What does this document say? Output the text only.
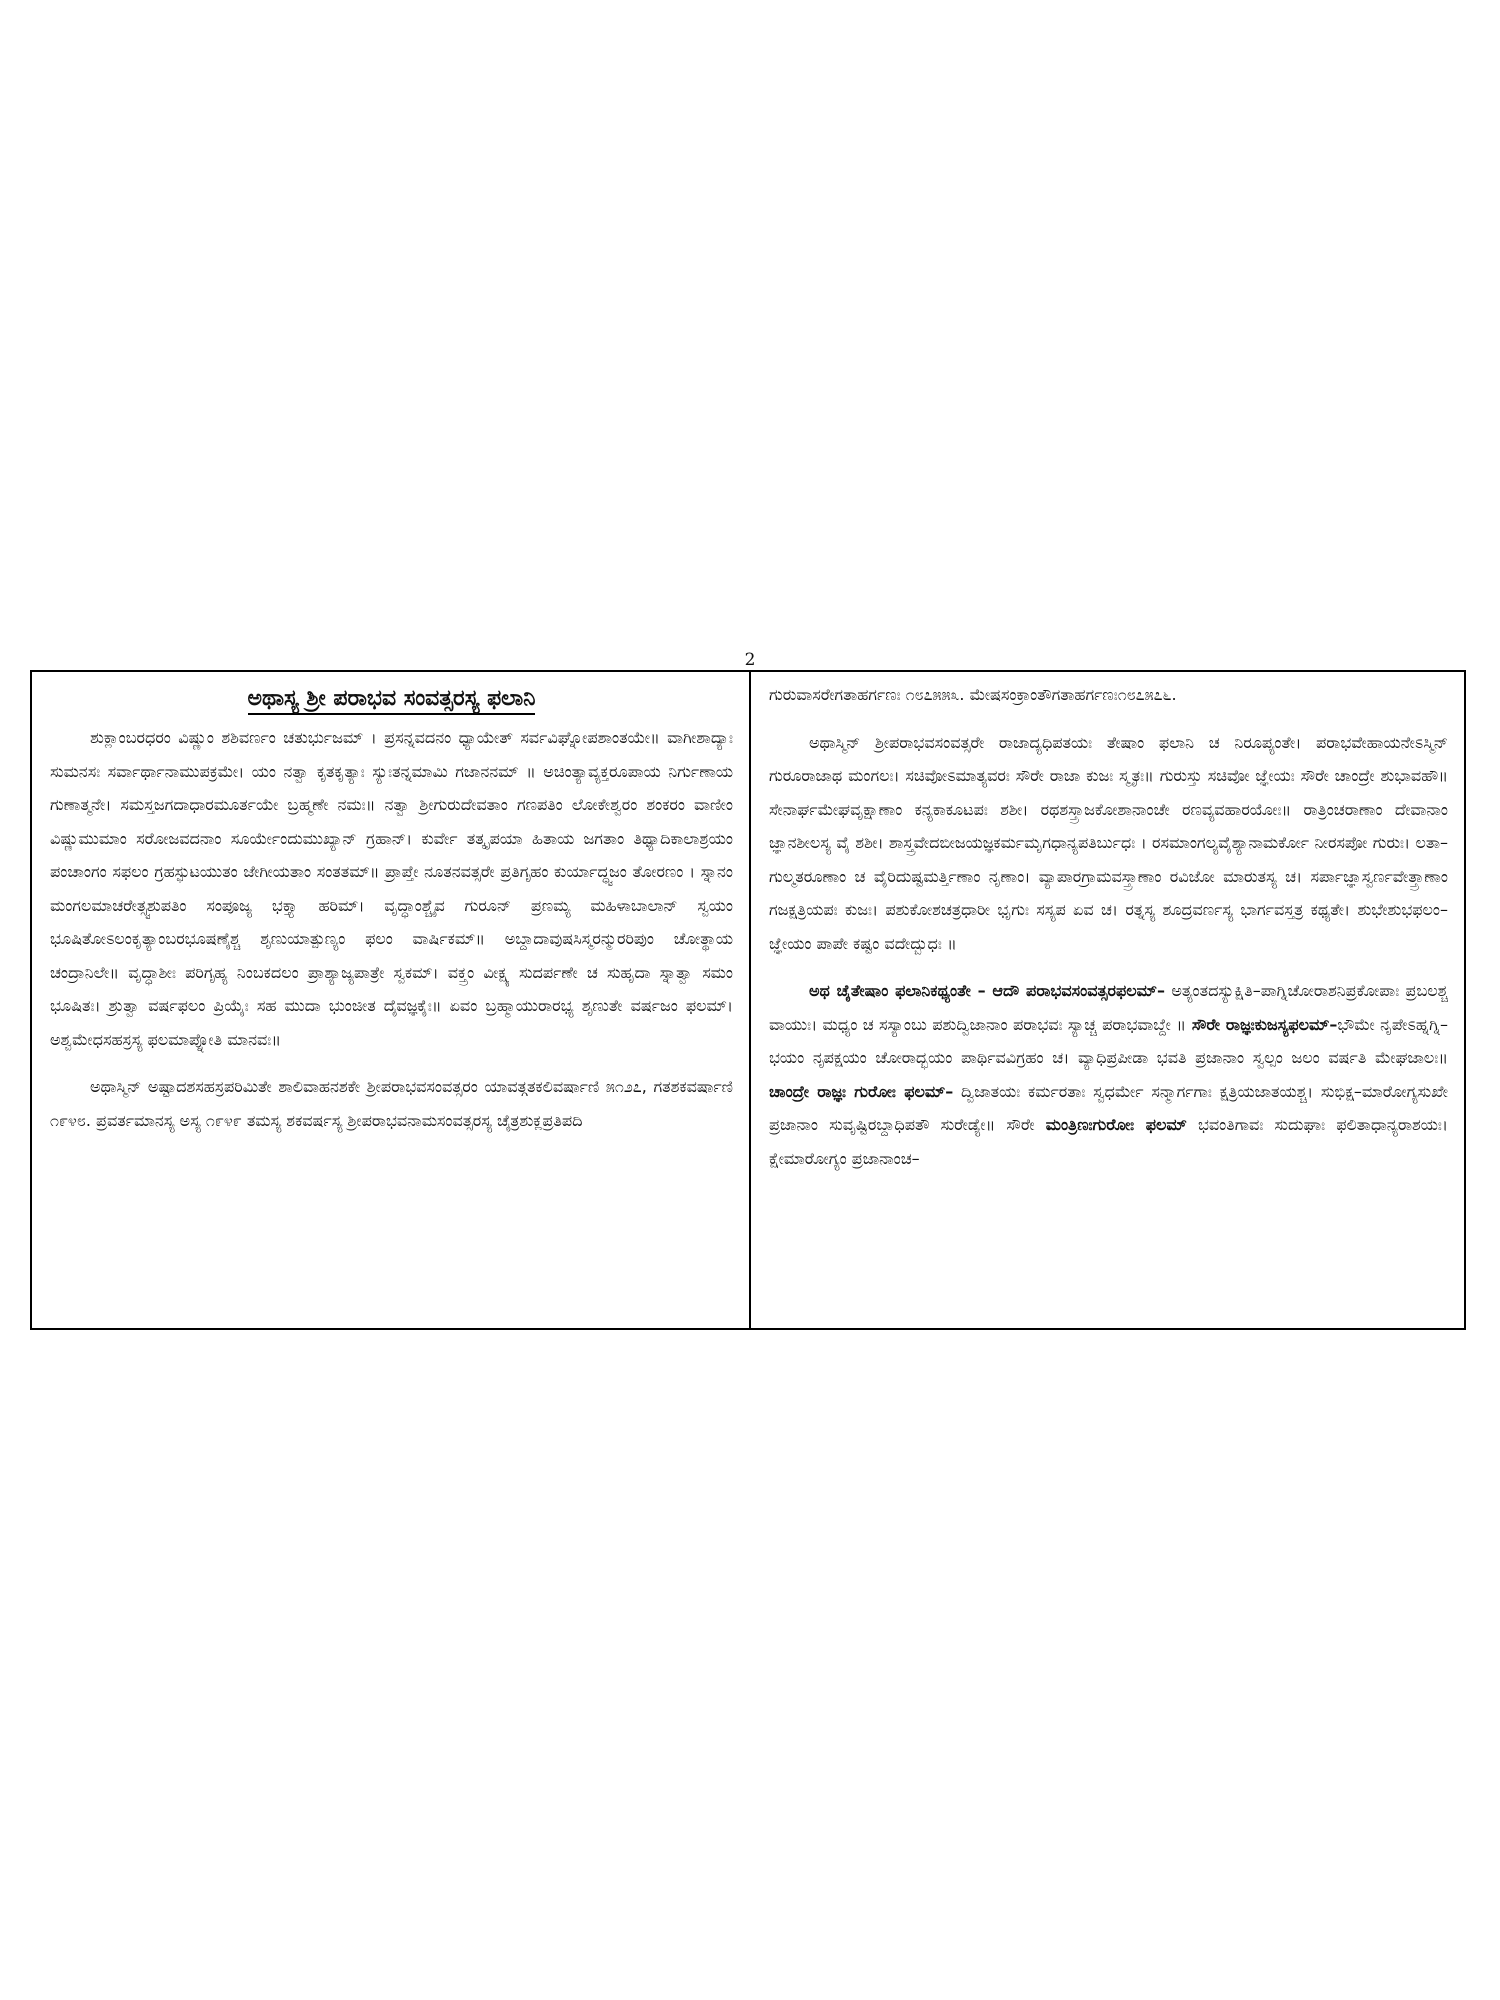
2
ಅಥಾಸ್ಯ ಶ್ರೀ ಪರಾಭವ ಸಂವತ್ಸರಸ್ಯ ಫಲಾನಿ

ಶುಕ್ಲಾಂಬರಧರಂ ವಿಷ್ಣುಂ ಶಶಿವರ್ಣಂ ಚತುರ್ಭುಜಮ್ । ಪ್ರಸನ್ನವದನಂ ಧ್ಯಾಯೇತ್ ಸರ್ವವಿಘ್ನೋಪಶಾಂತಯೇ॥ ವಾಗೀಶಾದ್ಯಾಃ ಸುಮನಸಃ ಸರ್ವಾರ್ಥಾನಾಮುಪಕ್ರಮೇ। ಯಂ ನತ್ವಾ ಕೃತಕೃತ್ಯಾಃ ಸ್ಯುಃತನ್ನಮಾಮಿ ಗಜಾನನಮ್ ॥ ಅಚಿಂತ್ಯಾವ್ಯಕ್ತರೂಪಾಯ ನಿರ್ಗುಣಾಯ ಗುಣಾತ್ಮನೇ। ಸಮಸ್ತಜಗದಾಧಾರಮೂರ್ತಯೇ ಬ್ರಹ್ಮಣೇ ನಮಃ॥ ನತ್ವಾ ಶ್ರೀಗುರುದೇವತಾಂ ಗಣಪತಿಂ ಲೋಕೇಶ್ವರಂ ಶಂಕರಂ ವಾಣೀಂ ವಿಷ್ಣುಮುಮಾಂ ಸರೋಜವದನಾಂ ಸೂರ್ಯೇಂದುಮುಖ್ಯಾನ್ ಗ್ರಹಾನ್। ಕುರ್ವೇ ತತ್ಕೃಪಯಾ ಹಿತಾಯ ಜಗತಾಂ ತಿಥ್ಯಾದಿಕಾಲಾಶ್ರಯಂ ಪಂಚಾಂಗಂ ಸಫಲಂ ಗ್ರಹಸ್ಫುಟಯುತಂ ಜೇಗೀಯತಾಂ ಸಂತತಮ್॥ ಪ್ರಾಪ್ತೇ ನೂತನವತ್ಸರೇ ಪ್ರತಿಗೃಹಂ ಕುರ್ಯಾದ್ಧ್ವಜಂ ತೋರಣಂ । ಸ್ನಾನಂ ಮಂಗಲಮಾಚರೇತ್ಸ್ವಶುಪತಿಂ ಸಂಪೂಜ್ಯ ಭಕ್ತ್ಯಾ ಹರಿಮ್। ವೃದ್ಧಾಂಶ್ಚೈವ ಗುರೂನ್ ಪ್ರಣಮ್ಯ ಮಹಿಳಾಬಾಲಾನ್ ಸ್ವಯಂ ಭೂಷಿತೋಽಲಂಕೃತ್ಯಾಂಬರಭೂಷಣೈಶ್ಚ ಶೃಣುಯಾತ್ಪುಣ್ಯಂ ಫಲಂ ವಾರ್ಷಿಕಮ್॥ ಅಬ್ದಾದಾವುಷಸಿಸ್ಮರನ್ಮುರರಿಪುಂ ಚೋತ್ಥಾಯ ಚಂದ್ರಾನಿಲೇ॥ ವೃದ್ಧಾಶೀಃ ಪರಿಗೃಹ್ಯ ನಿಂಬಕದಲಂ ಪ್ರಾಶ್ಯಾಜ್ಯಪಾತ್ರೇ ಸ್ವಕಮ್। ವಕ್ತ್ರಂ ವೀಕ್ಷ್ಯ ಸುದರ್ಪಣೇ ಚ ಸುಹೃದಾ ಸ್ನಾತ್ವಾ ಸಮಂ ಭೂಷಿತಃ। ಶ್ರುತ್ವಾ ವರ್ಷಫಲಂ ಪ್ರಿಯೈಃ ಸಹ ಮುದಾ ಭುಂಜೀತ ದೈವಜ್ಞಕೈಃ॥ ಏವಂ ಬ್ರಹ್ಮಾಯುರಾರಭ್ಯ ಶೃಣುತೇ ವರ್ಷಜಂ ಫಲಮ್। ಅಶ್ವಮೇಧಸಹಸ್ರಸ್ಯ ಫಲಮಾಪ್ನೋತಿ ಮಾನವಃ॥

ಅಥಾಸ್ಮಿನ್ ಅಷ್ಟಾದಶಸಹಸ್ರಪರಿಮಿತೇ ಶಾಲಿವಾಹನಶಕೇ ಶ್ರೀಪರಾಭವಸಂವತ್ಸರಂ ಯಾವತ್ಗತಕಲಿವರ್ಷಾಣಿ ೫೧೨೭, ಗತಶಕವರ್ಷಾಣಿ ೧೯೪೮. ಪ್ರವರ್ತಮಾನಸ್ಯ ಅಸ್ಯ ೧೯೪೯ ತಮಸ್ಯ ಶಕವರ್ಷಸ್ಯ ಶ್ರೀಪರಾಭವನಾಮಸಂವತ್ಸರಸ್ಯ ಚೈತ್ರಶುಕ್ಲಪ್ರತಿಪದಿ

ಗುರುವಾಸರೇಗತಾಹರ್ಗಣಃ ೧೮೭೫೫೩. ಮೇಷಸಂಕ್ರಾಂತೌಗತಾಹರ್ಗಣಃ೧೮೭೫೭೬.

ಅಥಾಸ್ಮಿನ್ ಶ್ರೀಪರಾಭವಸಂವತ್ಸರೇ ರಾಜಾದ್ಯಧಿಪತಯಃ ತೇಷಾಂ ಫಲಾನಿ ಚ ನಿರೂಪ್ಯಂತೇ। ಪರಾಭವೇಹಾಯನೇಽಸ್ಮಿನ್ ಗುರೂರಾಜಾಥ ಮಂಗಲಃ। ಸಚಿವೋಽಮಾತ್ಯವರಃ ಸೌರೇ ರಾಜಾ ಕುಜಃ ಸ್ಮೃತಃ॥ ಗುರುಸ್ತು ಸಚಿವೋ ಜ್ಞೇಯಃ ಸೌರೇ ಚಾಂದ್ರೇ ಶುಭಾವಹೌ॥ ಸೇನಾರ್ಘಮೇಘವೃಕ್ಷಾಣಾಂ ಕನ್ಯಕಾಕೂಟಪಃ ಶಶೀ। ರಥಶಸ್ತ್ರಾಜಕೋಶಾನಾಂಚೇ ರಣವ್ಯವಹಾರಯೋಃ॥ ರಾತ್ರಿಂಚರಾಣಾಂ ದೇವಾನಾಂ ಜ್ಞಾನಶೀಲಸ್ಯ ವೈ ಶಶೀ। ಶಾಸ್ತ್ರವೇದಬೀಜಯಜ್ಞಕರ್ಮಮೃಗಧಾನ್ಯಪತಿರ್ಬುಧಃ । ರಸಮಾಂಗಲ್ಯವೈಶ್ಯಾನಾಮರ್ಕೋ ನೀರಸಪೋ ಗುರುಃ। ಲತಾ–ಗುಲ್ಮತರೂಣಾಂ ಚ ವೈರಿದುಷ್ಟಮರ್ತ್ತಿಣಾಂ ನೃಣಾಂ। ವ್ಯಾಪಾರಗ್ರಾಮವಸ್ತ್ರಾಣಾಂ ರವಿಜೋ ಮಾರುತಸ್ಯ ಚ। ಸರ್ಪಾಜ್ಞಾಸ್ವರ್ಣವೇತ್ತ್ರಾಣಾಂ ಗಜಕ್ಷತ್ರಿಯಪಃ ಕುಜಃ। ಪಶುಕೋಶಚತ್ರಧಾರೀ ಭೃಗುಃ ಸಸ್ಯಪ ಏವ ಚ। ರತ್ನಸ್ಯ ಶೂದ್ರವರ್ಣಸ್ಯ ಭಾರ್ಗವಸ್ತತ್ರ ಕಥ್ಯತೇ। ಶುಭೇಶುಭಫಲಂ– ಜ್ಞೇಯಂ ಪಾಪೇ ಕಷ್ಟಂ ವದೇದ್ಬುಧಃ ॥

ಅಥ ಚೈತೇಷಾಂ ಫಲಾನಿಕಥ್ಯಂತೇ – ಆದೌ ಪರಾಭವಸಂವತ್ಸರಫಲಮ್– ಅತ್ಯಂತದಸ್ಯುಕ್ಷಿತಿ–ಪಾಗ್ನಿಚೋರಾಶನಿಪ್ರಕೋಪಾಃ ಪ್ರಬಲಶ್ಚ ವಾಯುಃ। ಮಧ್ಯಂ ಚ ಸಸ್ಯಾಂಬು ಪಶುದ್ವಿಜಾನಾಂ ಪರಾಭವಃ ಸ್ಯಾಚ್ಚ ಪರಾಭವಾಬ್ದೇ ॥ ಸೌರೇ ರಾಜ್ಞಃಕುಜಸ್ಯಫಲಮ್–ಭೌಮೇ ನೃಪೇಽಹ್ನಗ್ನಿ–ಭಯಂ ನೃಪಕ್ಷಯಂ ಚೋರಾದ್ಭಯಂ ಪಾರ್ಥಿವವಿಗ್ರಹಂ ಚ। ವ್ಯಾಧಿಪ್ರಪೀಡಾ ಭವತಿ ಪ್ರಜಾನಾಂ ಸ್ವಲ್ಪಂ ಜಲಂ ವರ್ಷತಿ ಮೇಘಜಾಲಃ॥ ಚಾಂದ್ರೇ ರಾಜ್ಞಃ ಗುರೋಃ ಫಲಮ್– ದ್ವಿಜಾತಯಃ ಕರ್ಮರತಾಃ ಸ್ವಧರ್ಮೇ ಸನ್ಮಾರ್ಗಗಾಃ ಕ್ಷತ್ರಿಯಜಾತಯಶ್ಚ। ಸುಭಿಕ್ಷ–ಮಾರೋಗ್ಯಸುಖೇ ಪ್ರಜಾನಾಂ ಸುವೃಷ್ಟಿರಬ್ದಾಧಿಪತೌ ಸುರೇಡ್ಯೇ॥ ಸೌರೇ ಮಂತ್ರಿಣಃಗುರೋಃ ಫಲಮ್ ಭವಂತಿಗಾವಃ ಸುದುಘಾಃ ಫಲಿತಾಧಾನ್ಯರಾಶಯಃ। ಕ್ಷೇಮಾರೋಗ್ಯಂ ಪ್ರಜಾನಾಂಚ–
